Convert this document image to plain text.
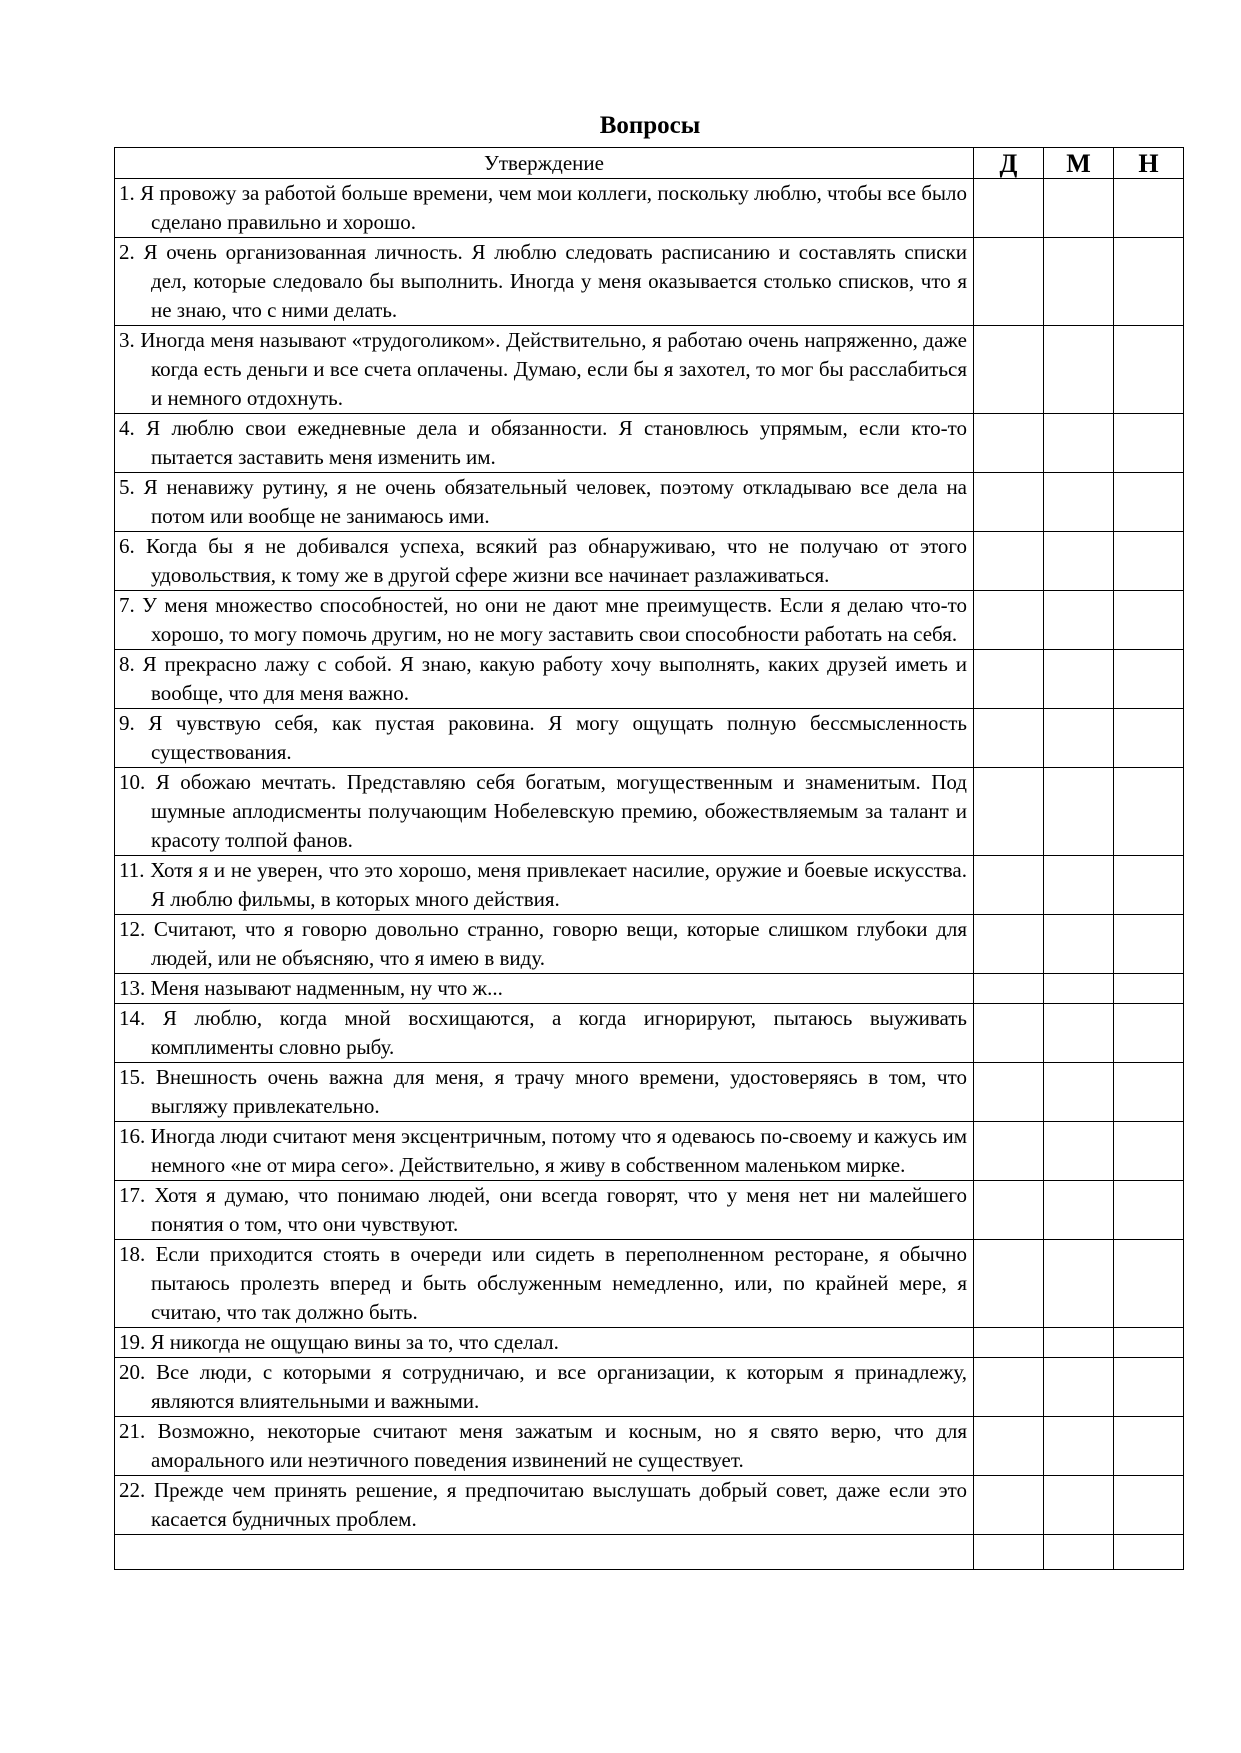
Вопросы
Утверждение	Д	М	Н

1. Я провожу за работой больше времени, чем мои коллеги, поскольку люблю, чтобы все было сделано правильно и хорошо.			

2. Я очень организованная личность. Я люблю следовать расписанию и составлять списки дел, которые следовало бы выполнить. Иногда у меня оказывается столько списков, что я не знаю, что с ними делать.			

3. Иногда меня называют «трудоголиком». Действительно, я работаю очень напряженно, даже когда есть деньги и все счета оплачены. Думаю, если бы я захотел, то мог бы расслабиться и немного отдохнуть.			

4. Я люблю свои ежедневные дела и обязанности. Я становлюсь упрямым, если кто-то пытается заставить меня изменить им.			

5. Я ненавижу рутину, я не очень обязательный человек, поэтому откладываю все дела на потом или вообще не занимаюсь ими.			

6. Когда бы я не добивался успеха, всякий раз обнаруживаю, что не получаю от этого удовольствия, к тому же в другой сфере жизни все начинает разлаживаться.			

7. У меня множество способностей, но они не дают мне преимуществ. Если я делаю что-то хорошо, то могу помочь другим, но не могу заставить свои способности работать на себя.			

8. Я прекрасно лажу с собой. Я знаю, какую работу хочу выполнять, каких друзей иметь и вообще, что для меня важно.			

9. Я чувствую себя, как пустая раковина. Я могу ощущать полную бессмысленность существования.			

10. Я обожаю мечтать. Представляю себя богатым, могущественным и знаменитым. Под шумные аплодисменты получающим Нобелевскую премию, обожествляемым за талант и красоту толпой фанов.			

11. Хотя я и не уверен, что это хорошо, меня привлекает насилие, оружие и боевые искусства. Я люблю фильмы, в которых много действия.			

12. Считают, что я говорю довольно странно, говорю вещи, которые слишком глубоки для людей, или не объясняю, что я имею в виду.			

13. Меня называют надменным, ну что ж...			

14. Я люблю, когда мной восхищаются, а когда игнорируют, пытаюсь выуживать комплименты словно рыбу.			

15. Внешность очень важна для меня, я трачу много времени, удостоверяясь в том, что выгляжу привлекательно.			

16. Иногда люди считают меня эксцентричным, потому что я одеваюсь по-своему и кажусь им немного «не от мира сего». Действительно, я живу в собственном маленьком мирке.			

17. Хотя я думаю, что понимаю людей, они всегда говорят, что у меня нет ни малейшего понятия о том, что они чувствуют.			

18. Если приходится стоять в очереди или сидеть в переполненном ресторане, я обычно пытаюсь пролезть вперед и быть обслуженным немедленно, или, по крайней мере, я считаю, что так должно быть.			

19. Я никогда не ощущаю вины за то, что сделал.			

20. Все люди, с которыми я сотрудничаю, и все организации, к которым я принадлежу, являются влиятельными и важными.			

21. Возможно, некоторые считают меня зажатым и косным, но я свято верю, что для аморального или неэтичного поведения извинений не существует.			

22. Прежде чем принять решение, я предпочитаю выслушать добрый совет, даже если это касается будничных проблем.			
